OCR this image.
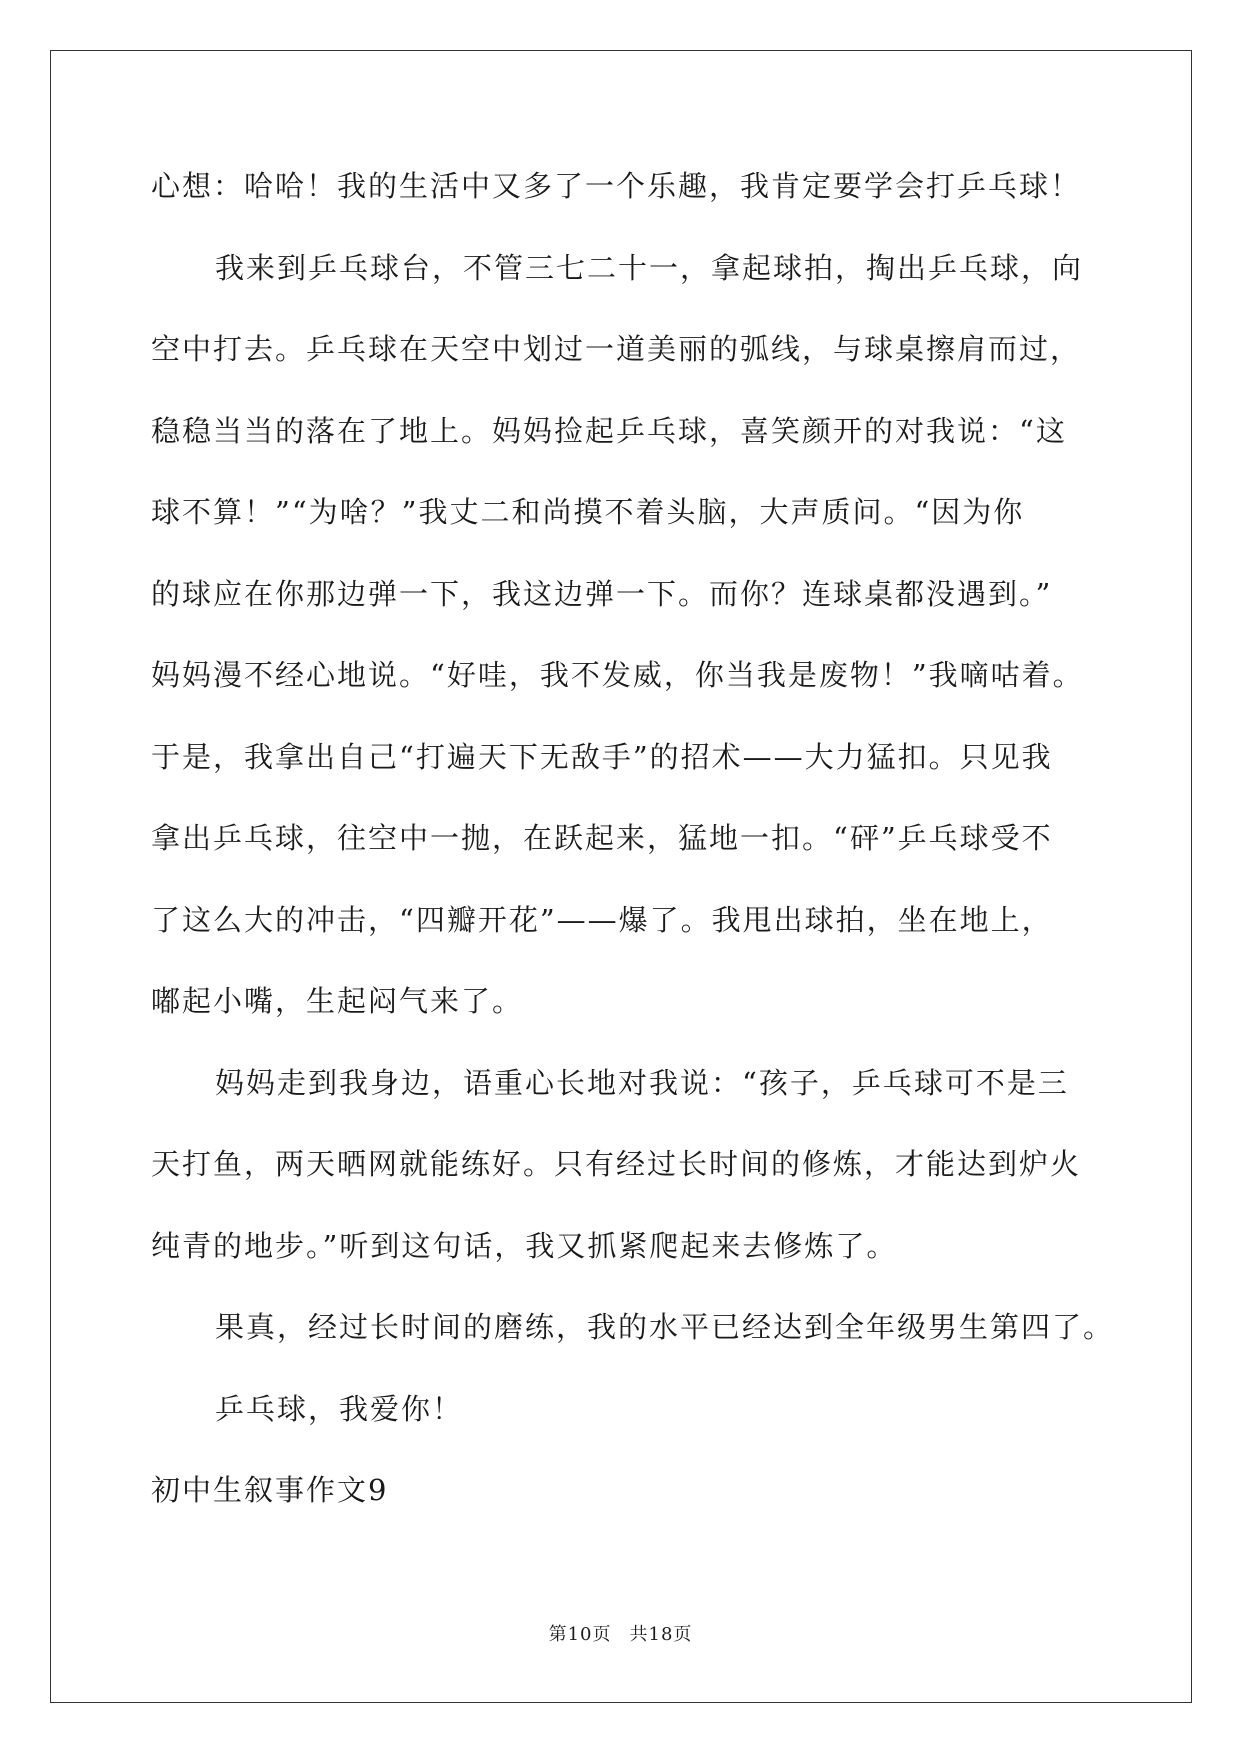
心想：哈哈！我的生活中又多了一个乐趣，我肯定要学会打乒乓球！
我来到乒乓球台，不管三七二十一，拿起球拍，掏出乒乓球，向
空中打去。乒乓球在天空中划过一道美丽的弧线，与球桌擦肩而过，
稳稳当当的落在了地上。妈妈捡起乒乓球，喜笑颜开的对我说：“这
球不算！”“为啥？”我丈二和尚摸不着头脑，大声质问。“因为你
的球应在你那边弹一下，我这边弹一下。而你？连球桌都没遇到。”
妈妈漫不经心地说。“好哇，我不发威，你当我是废物！”我嘀咕着。
于是，我拿出自己“打遍天下无敌手”的招术——大力猛扣。只见我
拿出乒乓球，往空中一抛，在跃起来，猛地一扣。“砰”乒乓球受不
了这么大的冲击，“四瓣开花”——爆了。我甩出球拍，坐在地上，
嘟起小嘴，生起闷气来了。
妈妈走到我身边，语重心长地对我说：“孩子，乒乓球可不是三
天打鱼，两天晒网就能练好。只有经过长时间的修炼，才能达到炉火
纯青的地步。”听到这句话，我又抓紧爬起来去修炼了。
果真，经过长时间的磨练，我的水平已经达到全年级男生第四了。
乒乓球，我爱你！
初中生叙事作文9
第10页 共18页
